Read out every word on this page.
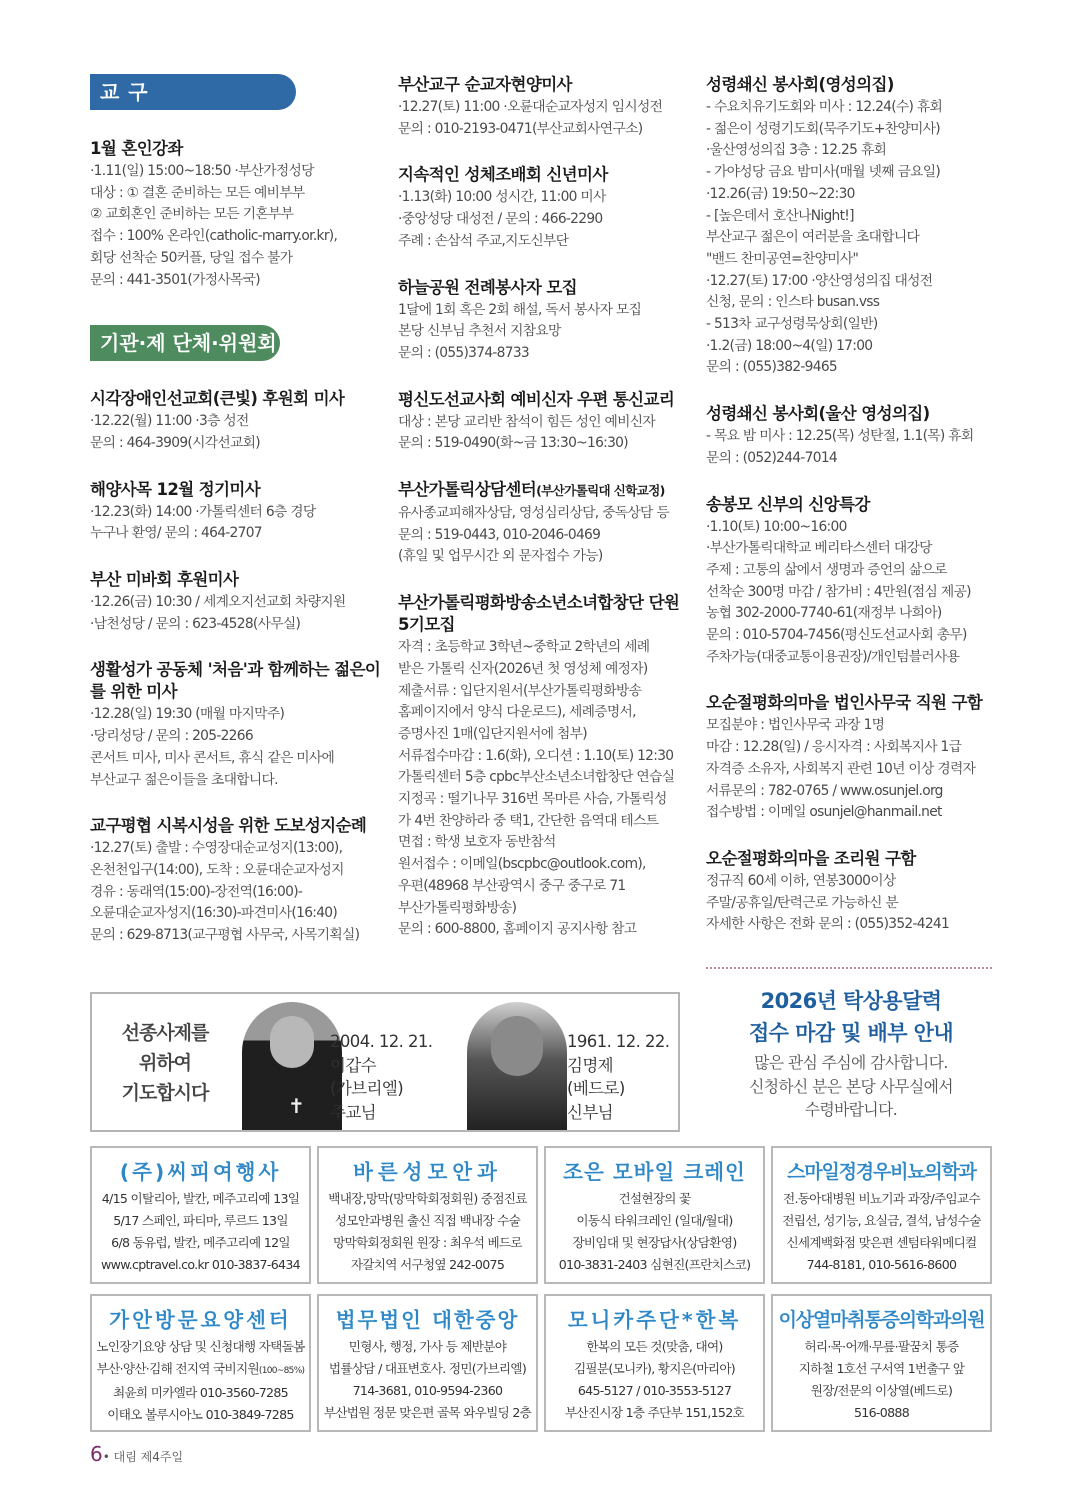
교 구
1월 혼인강좌

·1.11(일) 15:00~18:50 ·부산가정성당

대상 : ① 결혼 준비하는 모든 예비부부

② 교회혼인 준비하는 모든 기혼부부

접수 : 100% 온라인(catholic-marry.or.kr),

회당 선착순 50커플, 당일 접수 불가

문의 : 441-3501(가정사목국)

기관·제 단체·위원회
시각장애인선교회(큰빛) 후원회 미사

·12.22(월) 11:00 ·3층 성전

문의 : 464-3909(시각선교회)

해양사목 12월 정기미사

·12.23(화) 14:00 ·가톨릭센터 6층 경당

누구나 환영/ 문의 : 464-2707

부산 미바회 후원미사

·12.26(금) 10:30 / 세계오지선교회 차량지원

·남천성당 / 문의 : 623-4528(사무실)

생활성가 공동체 '처음'과 함께하는 젊은이를 위한 미사

·12.28(일) 19:30 (매월 마지막주)

·당리성당 / 문의 : 205-2266

콘서트 미사, 미사 콘서트, 휴식 같은 미사에

부산교구 젊은이들을 초대합니다.

교구평협 시복시성을 위한 도보성지순례

·12.27(토) 출발 : 수영장대순교성지(13:00),

온천천입구(14:00), 도착 : 오륜대순교자성지

경유 : 동래역(15:00)-장전역(16:00)-

오륜대순교자성지(16:30)-파견미사(16:40)

문의 : 629-8713(교구평협 사무국, 사목기획실)

부산교구 순교자현양미사

·12.27(토) 11:00 ·오륜대순교자성지 임시성전

문의 : 010-2193-0471(부산교회사연구소)

지속적인 성체조배회 신년미사

·1.13(화) 10:00 성시간, 11:00 미사

·중앙성당 대성전 / 문의 : 466-2290

주례 : 손삼석 주교,지도신부단

하늘공원 전례봉사자 모집

1달에 1회 혹은 2회 해설, 독서 봉사자 모집

본당 신부님 추천서 지참요망

문의 : (055)374-8733

평신도선교사회 예비신자 우편 통신교리

대상 : 본당 교리반 참석이 힘든 성인 예비신자

문의 : 519-0490(화~금 13:30~16:30)

부산가톨릭상담센터(부산가톨릭대 신학교정)

유사종교피해자상담, 영성심리상담, 중독상담 등

문의 : 519-0443, 010-2046-0469

(휴일 및 업무시간 외 문자접수 가능)

부산가톨릭평화방송소년소녀합창단 단원 5기모집

자격 : 초등학교 3학년~중학교 2학년의 세례

받은 가톨릭 신자(2026년 첫 영성체 예정자)

제출서류 : 입단지원서(부산가톨릭평화방송

홈페이지에서 양식 다운로드), 세례증명서,

증명사진 1매(입단지원서에 첨부)

서류접수마감 : 1.6(화), 오디션 : 1.10(토) 12:30

가톨릭센터 5층 cpbc부산소년소녀합창단 연습실

지정곡 : 떨기나무 316번 목마른 사슴, 가톨릭성

가 4번 찬양하라 중 택1, 간단한 음역대 테스트

면접 : 학생 보호자 동반참석

원서접수 : 이메일(bscpbc@outlook.com),

우편(48968 부산광역시 중구 중구로 71

부산가톨릭평화방송)

문의 : 600-8800, 홈페이지 공지사항 참고

성령쇄신 봉사회(영성의집)

- 수요치유기도회와 미사 : 12.24(수) 휴회

- 젊은이 성령기도회(묵주기도+찬양미사)

·울산영성의집 3층 : 12.25 휴회

- 가야성당 금요 밤미사(매월 넷째 금요일)

·12.26(금) 19:50~22:30

- [높은데서 호산나Night!]

부산교구 젊은이 여러분을 초대합니다

"밴드 찬미공연=찬양미사"

·12.27(토) 17:00 ·양산영성의집 대성전

신청, 문의 : 인스타 busan.vss

- 513차 교구성령묵상회(일반)

·1.2(금) 18:00~4(일) 17:00

문의 : (055)382-9465

성령쇄신 봉사회(울산 영성의집)

- 목요 밤 미사 : 12.25(목) 성탄절, 1.1(목) 휴회

문의 : (052)244-7014

송봉모 신부의 신앙특강

·1.10(토) 10:00~16:00

·부산가톨릭대학교 베리타스센터 대강당

주제 : 고통의 삶에서 생명과 증언의 삶으로

선착순 300명 마감 / 참가비 : 4만원(점심 제공)

농협 302-2000-7740-61(재정부 나희아)

문의 : 010-5704-7456(평신도선교사회 총무)

주차가능(대중교통이용권장)/개인텀블러사용

오순절평화의마을 법인사무국 직원 구함

모집분야 : 법인사무국 과장 1명

마감 : 12.28(일) / 응시자격 : 사회복지사 1급

자격증 소유자, 사회복지 관련 10년 이상 경력자

서류문의 : 782-0765 / www.osunjel.org

접수방법 : 이메일 osunjel@hanmail.net

오순절평화의마을 조리원 구함

정규직 60세 이하, 연봉3000이상

주말/공휴일/탄력근로 가능하신 분

자세한 사항은 전화 문의 : (055)352-4241

선종사제를
위하여
기도합시다
✝
2004. 12. 21.
이갑수
(가브리엘)
주교님
1961. 12. 22.
김명제
(베드로)
신부님
2026년 탁상용달력
접수 마감 및 배부 안내

많은 관심 주심에 감사합니다.

신청하신 분은 본당 사무실에서

수령바랍니다.

(주)씨피여행사

4/15 이탈리아, 발칸, 메주고리예 13일

5/17 스페인, 파티마, 루르드 13일

6/8 동유럽, 발칸, 메주고리예 12일

www.cptravel.co.kr 010-3837-6434

바른성모안과

백내장,망막(망막학회정회원) 중점진료

성모안과병원 출신 직접 백내장 수술

망막학회정회원 원장 : 최우석 베드로

자갈치역 서구청옆 242-0075

조은 모바일 크레인

건설현장의 꽃

이동식 타워크레인 (일대/월대)

장비임대 및 현장답사(상담환영)

010-3831-2403 심현진(프란치스코)

스마일정경우비뇨의학과

전.동아대병원 비뇨기과 과장/주임교수

전립선, 성기능, 요실금, 결석, 남성수술

신세계백화점 맞은편 센텀타워메디컬

744-8181, 010-5616-8600

가안방문요양센터

노인장기요양 상담 및 신청대행 자택돌봄

부산·양산·김해 전지역 국비지원(100~85%)

최윤희 미카엘라 010-3560-7285

이태오 볼루시아노 010-3849-7285

법무법인 대한중앙

민형사, 행정, 가사 등 제반분야

법률상담 / 대표변호사. 정민(가브리엘)

714-3681, 010-9594-2360

부산법원 정문 맞은편 골목 와우빌딩 2층

모니카주단*한복

한복의 모든 것(맞춤, 대여)

김필분(모니카), 황지은(마리아)

645-5127 / 010-3553-5127

부산진시장 1층 주단부 151,152호

이상열마취통증의학과의원

허리·목·어깨·무릎·팔꿈치 통증

지하철 1호선 구서역 1번출구 앞

원장/전문의 이상열(베드로)

516-0888

6• 대림 제4주일
